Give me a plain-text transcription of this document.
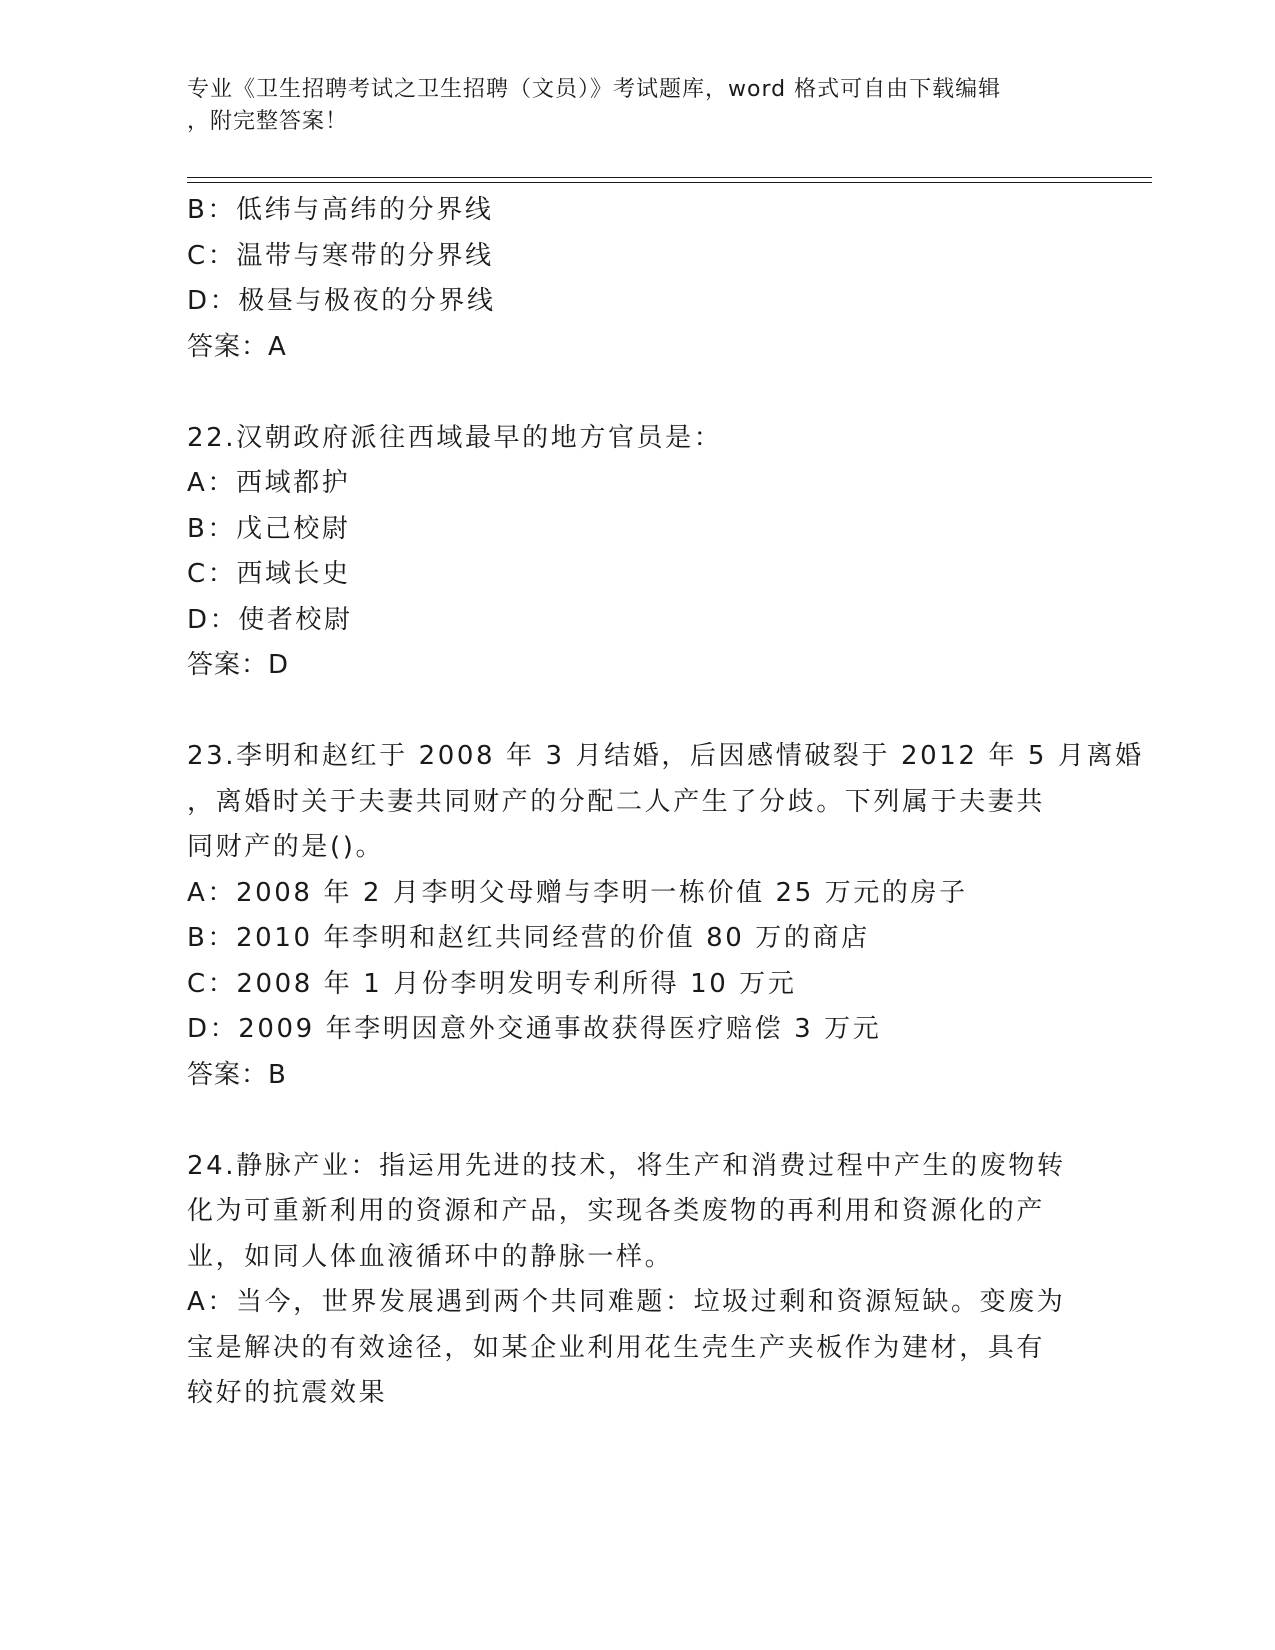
专业《卫生招聘考试之卫生招聘（文员）》考试题库，word 格式可自由下载编辑
，附完整答案！
B：低纬与高纬的分界线
C：温带与寒带的分界线
D：极昼与极夜的分界线
答案：A
22.汉朝政府派往西域最早的地方官员是：
A：西域都护
B：戊己校尉
C：西域长史
D：使者校尉
答案：D
23.李明和赵红于 2008 年 3 月结婚，后因感情破裂于 2012 年 5 月离婚
，离婚时关于夫妻共同财产的分配二人产生了分歧。下列属于夫妻共
同财产的是()。
A：2008 年 2 月李明父母赠与李明一栋价值 25 万元的房子
B：2010 年李明和赵红共同经营的价值 80 万的商店
C：2008 年 1 月份李明发明专利所得 10 万元
D：2009 年李明因意外交通事故获得医疗赔偿 3 万元
答案：B
24.静脉产业：指运用先进的技术，将生产和消费过程中产生的废物转
化为可重新利用的资源和产品，实现各类废物的再利用和资源化的产
业，如同人体血液循环中的静脉一样。
A：当今，世界发展遇到两个共同难题：垃圾过剩和资源短缺。变废为
宝是解决的有效途径，如某企业利用花生壳生产夹板作为建材，具有
较好的抗震效果
